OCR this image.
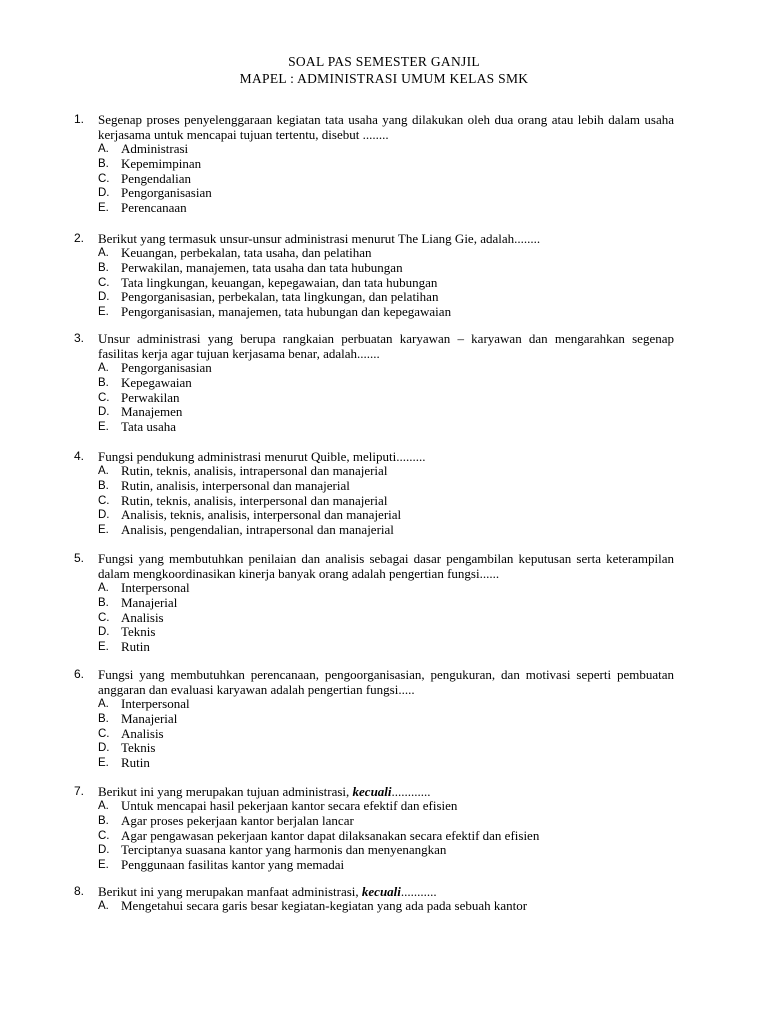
SOAL PAS SEMESTER GANJIL
MAPEL : ADMINISTRASI UMUM KELAS SMK
1. Segenap proses penyelenggaraan kegiatan tata usaha yang dilakukan oleh dua orang atau lebih dalam usaha kerjasama untuk mencapai tujuan tertentu, disebut ........
A. Administrasi
B. Kepemimpinan
C. Pengendalian
D. Pengorganisasian
E. Perencanaan
2. Berikut yang termasuk unsur-unsur administrasi menurut The Liang Gie, adalah........
A. Keuangan, perbekalan, tata usaha, dan pelatihan
B. Perwakilan, manajemen, tata usaha dan tata hubungan
C. Tata lingkungan, keuangan, kepegawaian, dan tata hubungan
D. Pengorganisasian, perbekalan, tata lingkungan, dan pelatihan
E. Pengorganisasian, manajemen, tata hubungan dan kepegawaian
3. Unsur administrasi yang berupa rangkaian perbuatan karyawan – karyawan dan mengarahkan segenap fasilitas kerja agar tujuan kerjasama benar, adalah.......
A. Pengorganisasian
B. Kepegawaian
C. Perwakilan
D. Manajemen
E. Tata usaha
4. Fungsi pendukung administrasi menurut Quible, meliputi.........
A. Rutin, teknis, analisis, intrapersonal dan manajerial
B. Rutin, analisis, interpersonal dan manajerial
C. Rutin, teknis, analisis, interpersonal dan manajerial
D. Analisis, teknis, analisis, interpersonal dan manajerial
E. Analisis, pengendalian, intrapersonal dan manajerial
5. Fungsi yang membutuhkan penilaian dan analisis sebagai dasar pengambilan keputusan serta keterampilan dalam mengkoordinasikan kinerja banyak orang adalah pengertian fungsi......
A. Interpersonal
B. Manajerial
C. Analisis
D. Teknis
E. Rutin
6. Fungsi yang membutuhkan perencanaan, pengoorganisasian, pengukuran, dan motivasi seperti pembuatan anggaran dan evaluasi karyawan adalah pengertian fungsi.....
A. Interpersonal
B. Manajerial
C. Analisis
D. Teknis
E. Rutin
7. Berikut ini yang merupakan tujuan administrasi, kecuali............
A. Untuk mencapai hasil pekerjaan kantor secara efektif dan efisien
B. Agar proses pekerjaan kantor berjalan lancar
C. Agar pengawasan pekerjaan kantor dapat dilaksanakan secara efektif dan efisien
D. Terciptanya suasana kantor yang harmonis dan menyenangkan
E. Penggunaan fasilitas kantor yang memadai
8. Berikut ini yang merupakan manfaat administrasi, kecuali...........
A. Mengetahui secara garis besar kegiatan-kegiatan yang ada pada sebuah kantor
